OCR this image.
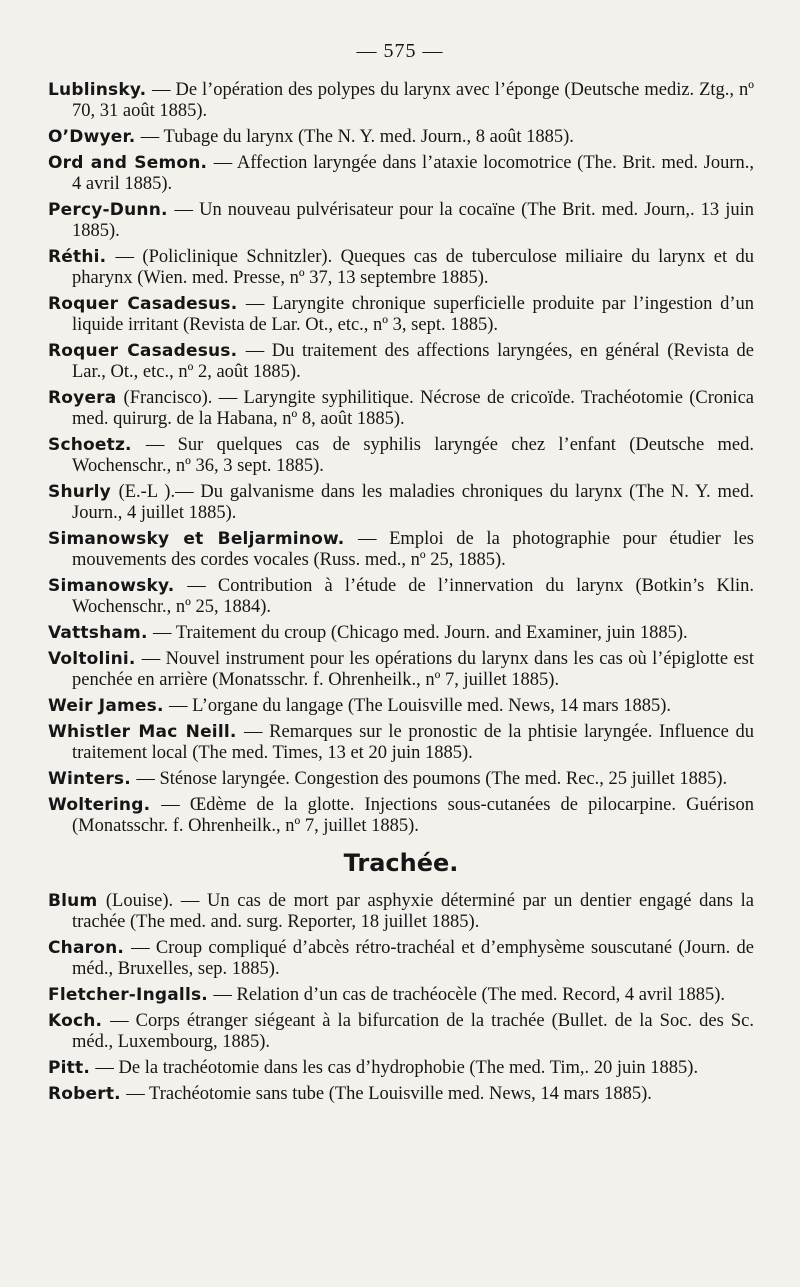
— 575 —
Lublinsky. — De l’opération des polypes du larynx avec l’éponge (Deutsche mediz. Ztg., nº 70, 31 août 1885).
O’Dwyer. — Tubage du larynx (The N. Y. med. Journ., 8 août 1885).
Ord and Semon. — Affection laryngée dans l’ataxie locomotrice (The. Brit. med. Journ., 4 avril 1885).
Percy-Dunn. — Un nouveau pulvérisateur pour la cocaïne (The Brit. med. Journ,. 13 juin 1885).
Réthi. — (Policlinique Schnitzler). Queques cas de tuberculose miliaire du larynx et du pharynx (Wien. med. Presse, nº 37, 13 septembre 1885).
Roquer Casadesus. — Laryngite chronique superficielle produite par l’ingestion d’un liquide irritant (Revista de Lar. Ot., etc., nº 3, sept. 1885).
Roquer Casadesus. — Du traitement des affections laryngées, en général (Revista de Lar., Ot., etc., nº 2, août 1885).
Royera (Francisco). — Laryngite syphilitique. Nécrose de cricoïde. Trachéotomie (Cronica med. quirurg. de la Habana, nº 8, août 1885).
Schoetz. — Sur quelques cas de syphilis laryngée chez l’enfant (Deutsche med. Wochenschr., nº 36, 3 sept. 1885).
Shurly (E.-L ).— Du galvanisme dans les maladies chroniques du larynx (The N. Y. med. Journ., 4 juillet 1885).
Simanowsky et Beljarminow. — Emploi de la photographie pour étudier les mouvements des cordes vocales (Russ. med., nº 25, 1885).
Simanowsky. — Contribution à l’étude de l’innervation du larynx (Botkin’s Klin. Wochenschr., nº 25, 1884).
Vattsham. — Traitement du croup (Chicago med. Journ. and Examiner, juin 1885).
Voltolini. — Nouvel instrument pour les opérations du larynx dans les cas où l’épiglotte est penchée en arrière (Monatsschr. f. Ohrenheilk., nº 7, juillet 1885).
Weir James. — L’organe du langage (The Louisville med. News, 14 mars 1885).
Whistler Mac Neill. — Remarques sur le pronostic de la phtisie laryngée. Influence du traitement local (The med. Times, 13 et 20 juin 1885).
Winters. — Sténose laryngée. Congestion des poumons (The med. Rec., 25 juillet 1885).
Woltering. — Œdème de la glotte. Injections sous-cutanées de pilocarpine. Guérison (Monatsschr. f. Ohrenheilk., nº 7, juillet 1885).
Trachée.
Blum (Louise). — Un cas de mort par asphyxie déterminé par un dentier engagé dans la trachée (The med. and. surg. Reporter, 18 juillet 1885).
Charon. — Croup compliqué d’abcès rétro-trachéal et d’emphysème souscutané (Journ. de méd., Bruxelles, sep. 1885).
Fletcher-Ingalls. — Relation d’un cas de trachéocèle (The med. Record, 4 avril 1885).
Koch. — Corps étranger siégeant à la bifurcation de la trachée (Bullet. de la Soc. des Sc. méd., Luxembourg, 1885).
Pitt. — De la trachéotomie dans les cas d’hydrophobie (The med. Tim,. 20 juin 1885).
Robert. — Trachéotomie sans tube (The Louisville med. News, 14 mars 1885).
